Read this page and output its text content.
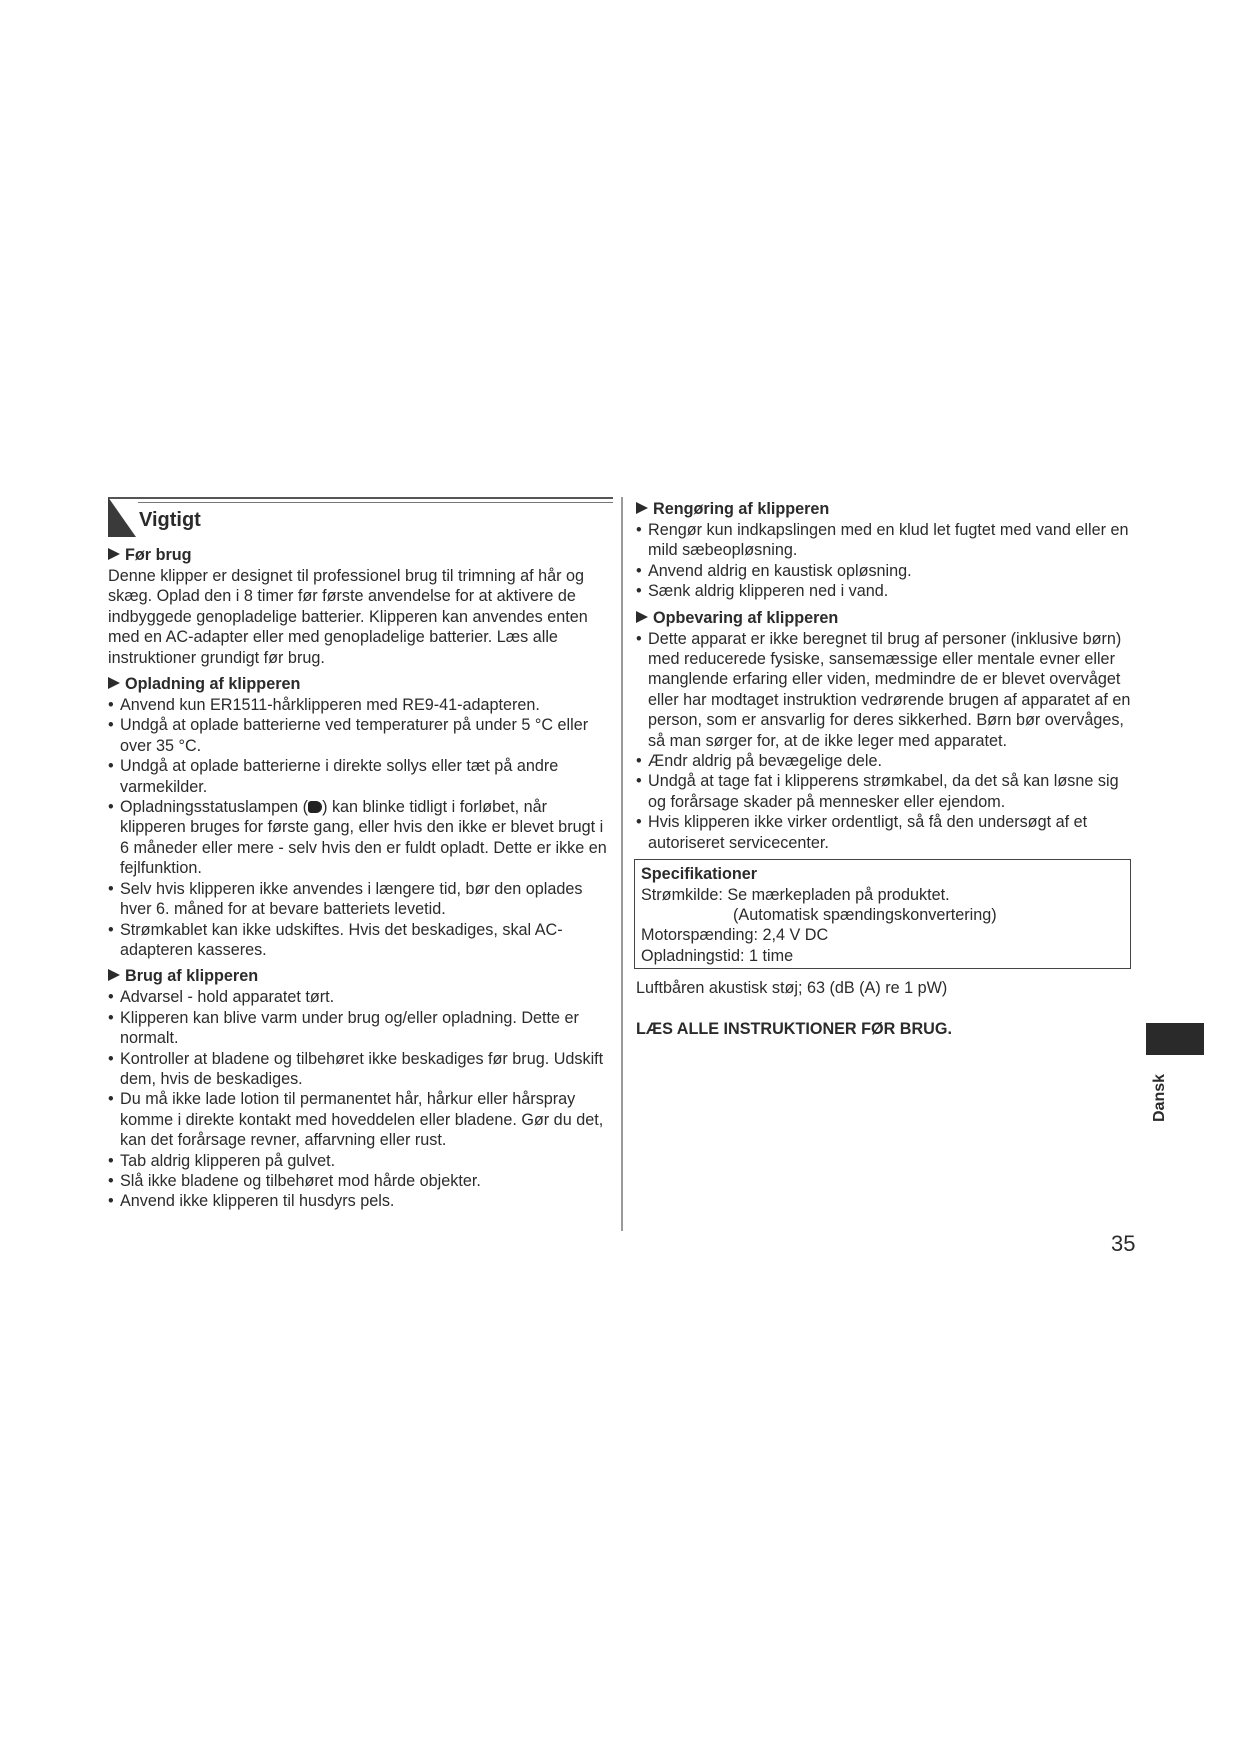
Vigtigt
Før brug

Denne klipper er designet til professionel brug til trimning af hår og skæg. Oplad den i 8 timer før første anvendelse for at aktivere de indbyggede genopladelige batterier. Klipperen kan anvendes enten med en AC-adapter eller med genopladelige batterier. Læs alle instruktioner grundigt før brug.

Opladning af klipperen
• Anvend kun ER1511-hårklipperen med RE9-41-adapteren.
• Undgå at oplade batterierne ved temperaturer på under 5 °C eller over 35 °C.
• Undgå at oplade batterierne i direkte sollys eller tæt på andre varmekilder.
• Opladningsstatuslampen ( ) kan blinke tidligt i forløbet, når klipperen bruges for første gang, eller hvis den ikke er blevet brugt i 6 måneder eller mere - selv hvis den er fuldt opladt. Dette er ikke en fejlfunktion.
• Selv hvis klipperen ikke anvendes i længere tid, bør den oplades hver 6. måned for at bevare batteriets levetid.
• Strømkablet kan ikke udskiftes. Hvis det beskadiges, skal AC-adapteren kasseres.
Brug af klipperen
• Advarsel - hold apparatet tørt.
• Klipperen kan blive varm under brug og/eller opladning. Dette er normalt.
• Kontroller at bladene og tilbehøret ikke beskadiges før brug. Udskift dem, hvis de beskadiges.
• Du må ikke lade lotion til permanentet hår, hårkur eller hårspray komme i direkte kontakt med hoveddelen eller bladene. Gør du det, kan det forårsage revner, affarvning eller rust.
• Tab aldrig klipperen på gulvet.
• Slå ikke bladene og tilbehøret mod hårde objekter.
• Anvend ikke klipperen til husdyrs pels.
Rengøring af klipperen
• Rengør kun indkapslingen med en klud let fugtet med vand eller en mild sæbeopløsning.
• Anvend aldrig en kaustisk opløsning.
• Sænk aldrig klipperen ned i vand.
Opbevaring af klipperen
• Dette apparat er ikke beregnet til brug af personer (inklusive børn) med reducerede fysiske, sansemæssige eller mentale evner eller manglende erfaring eller viden, medmindre de er blevet overvåget eller har modtaget instruktion vedrørende brugen af apparatet af en person, som er ansvarlig for deres sikkerhed. Børn bør overvåges, så man sørger for, at de ikke leger med apparatet.
• Ændr aldrig på bevægelige dele.
• Undgå at tage fat i klipperens strømkabel, da det så kan løsne sig og forårsage skader på mennesker eller ejendom.
• Hvis klipperen ikke virker ordentligt, så få den undersøgt af et autoriseret servicecenter.
Specifikationer
Strømkilde: Se mærkepladen på produktet.
(Automatisk spændingskonvertering)
Motorspænding: 2,4 V DC
Opladningstid: 1 time
Luftbåren akustisk støj; 63 (dB (A) re 1 pW)
LÆS ALLE INSTRUKTIONER FØR BRUG.
Dansk
35
